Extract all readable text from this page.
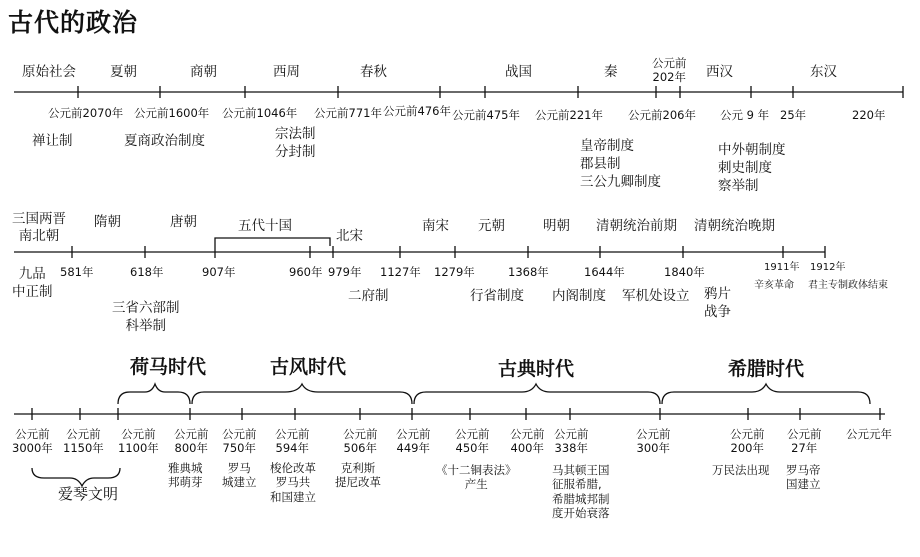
古代的政治
原始社会	夏朝	商朝	西周	春秋	战国	秦
公元前
202年 西汉	东汉
公元前2070年 公元前1600年 公元前1046年 公元前771年 公元前476年 公元前475年 公元前221年 公元前206年 公元 9 年 25年	220年
禅让制	夏商政治制度	宗法制
分封制	皇帝制度
郡县制
三公九卿制度
中外朝制度
刺史制度
察举制
三国两晋
南北朝
隋朝	唐朝	五代十国
北宋
南宋 元朝	明朝 清朝统治前期 清朝统治晚期
581年	618年	907年	960年 979年 1127年 1279年	1368年	1644年	1840年	1911年 1912年
九品
中正制
三省六部制
科举制
二府制	行省制度 内阁制度 军机处设立 鸦片
战争
辛亥革命 君主专制政体结束
荷马时代	古风时代	古典时代	希腊时代
公元前
3000年
公元前
1150年
公元前
1100年
公元前
800年
公元前
750年
公元前
594年
公元前
506年
公元前
449年
公元前
450年
公元前
400年
公元前
338年
公元前
300年
公元前
200年
公元前
27年
公元元年
爱琴文明
雅典城
邦萌芽
罗马
城建立
梭伦改革
罗马共
和国建立
克利斯
提尼改革
《十二铜表法》
产生
马其顿王国
征服希腊,
希腊城邦制
度开始衰落
万民法出现 罗马帝
国建立
